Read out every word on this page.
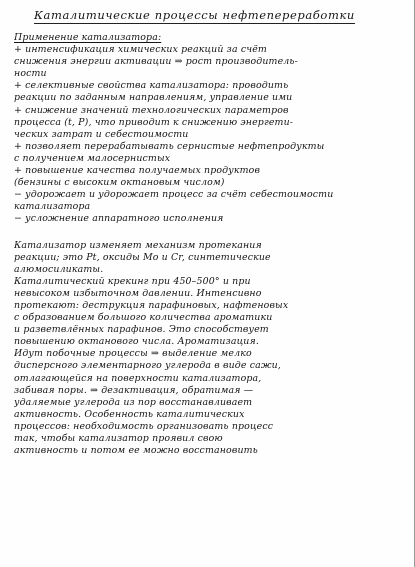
Каталитические процессы нефтепереработки
Применение катализатора:
+ интенсификация химических реакций за счёт
снижения энергии активации ⇒ рост производитель-
ности
+ селективные свойства катализатора: проводить
реакции по заданным направлениям, управление ими
+ снижение значений технологических параметров
процесса (t, P), что приводит к снижению энергети-
ческих затрат и себестоимости
+ позволяет перерабатывать сернистые нефтепродукты
с получением малосернистых
+ повышение качества получаемых продуктов
(бензины с высоким октановым числом)
− удорожает и удорожает процесс за счёт себестоимости
катализатора
− усложнение аппаратного исполнения
Катализатор изменяет механизм протекания
реакции; это Pt, оксиды Mo и Cr, синтетические
алюмосиликаты.
Каталитический крекинг при 450–500° и при
невысоком избыточном давлении. Интенсивно
протекают: деструкция парафиновых, нафтеновых
с образованием большого количества ароматики
и разветвлённых парафинов. Это способствует
повышению октанового числа. Ароматизация.
Идут побочные процессы ⇒ выделение мелко
дисперсного элементарного углерода в виде сажи,
отлагающейся на поверхности катализатора,
забивая поры. ⇒ дезактивация, обратимая —
удаляемые углерода из пор восстанавливает
активность. Особенность каталитических
процессов: необходимость организовать процесс
так, чтобы катализатор проявил свою
активность и потом ее можно восстановить
